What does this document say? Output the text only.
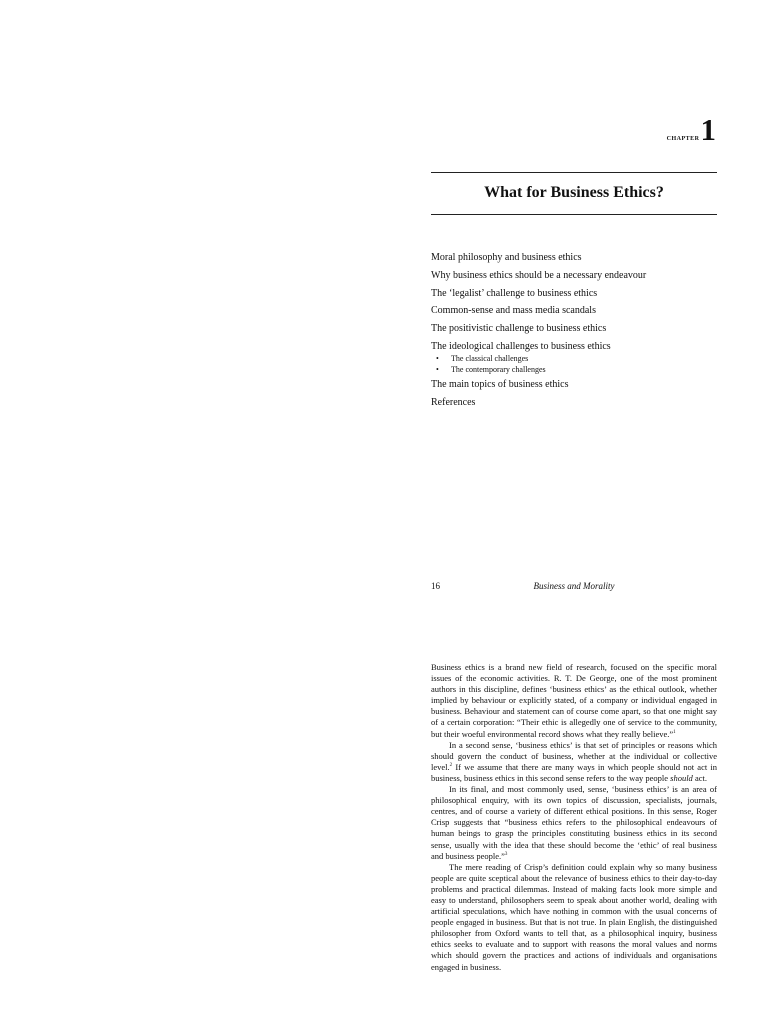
CHAPTER1
What for Business Ethics?
Moral philosophy and business ethics
Why business ethics should be a necessary endeavour
The ‘legalist’ challenge to business ethics
Common-sense and mass media scandals
The positivistic challenge to business ethics
The ideological challenges to business ethics
• The classical challenges
• The contemporary challenges
The main topics of business ethics
References
16	Business and Morality

Business ethics is a brand new field of research, focused on the specific moral issues of the economic activities. R. T. De George, one of the most prominent authors in this discipline, defines ‘business ethics’ as the ethical outlook, whether implied by behaviour or explicitly stated, of a company or individual engaged in business. Behaviour and statement can of course come apart, so that one might say of a certain corporation: “Their ethic is allegedly one of service to the community, but their woeful environmental record shows what they really believe.”$^1$

In a second sense, ‘business ethics’ is that set of principles or reasons which should govern the conduct of business, whether at the individual or collective level.$^2$ If we assume that there are many ways in which people should not act in business, business ethics in this second sense refers to the way people should act.

In its final, and most commonly used, sense, ‘business ethics’ is an area of philosophical enquiry, with its own topics of discussion, specialists, journals, centres, and of course a variety of different ethical positions. In this sense, Roger Crisp suggests that “business ethics refers to the philosophical endeavours of human beings to grasp the principles constituting business ethics in its second sense, usually with the idea that these should become the ‘ethic’ of real business and business people.”$^3$

The mere reading of Crisp’s definition could explain why so many business people are quite sceptical about the relevance of business ethics to their day-to-day problems and practical dilemmas. Instead of making facts look more simple and easy to understand, philosophers seem to speak about another world, dealing with artificial speculations, which have nothing in common with the usual concerns of people engaged in business. But that is not true. In plain English, the distinguished philosopher from Oxford wants to tell that, as a philosophical inquiry, business ethics seeks to evaluate and to support with reasons the moral values and norms which should govern the practices and actions of individuals and organisations engaged in business.
